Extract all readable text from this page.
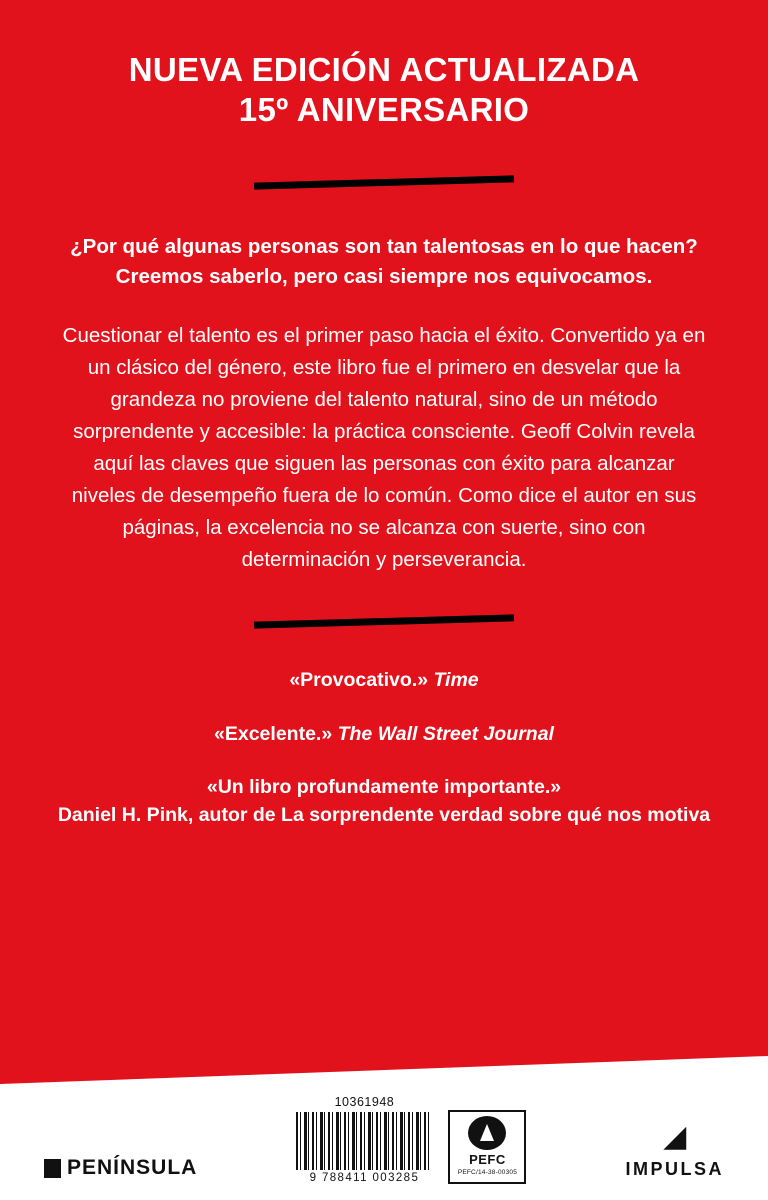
NUEVA EDICIÓN ACTUALIZADA
15º ANIVERSARIO
¿Por qué algunas personas son tan talentosas en lo que hacen? Creemos saberlo, pero casi siempre nos equivocamos.
Cuestionar el talento es el primer paso hacia el éxito. Convertido ya en un clásico del género, este libro fue el primero en desvelar que la grandeza no proviene del talento natural, sino de un método sorprendente y accesible: la práctica consciente. Geoff Colvin revela aquí las claves que siguen las personas con éxito para alcanzar niveles de desempeño fuera de lo común. Como dice el autor en sus páginas, la excelencia no se alcanza con suerte, sino con determinación y perseverancia.
«Provocativo.» Time
«Excelente.» The Wall Street Journal
«Un libro profundamente importante.»
Daniel H. Pink, autor de La sorprendente verdad sobre qué nos motiva
PENÍNSULA
10361948
9 788411 003285
PEFC
PEFC/14-38-00305
◢
IMPULSA
